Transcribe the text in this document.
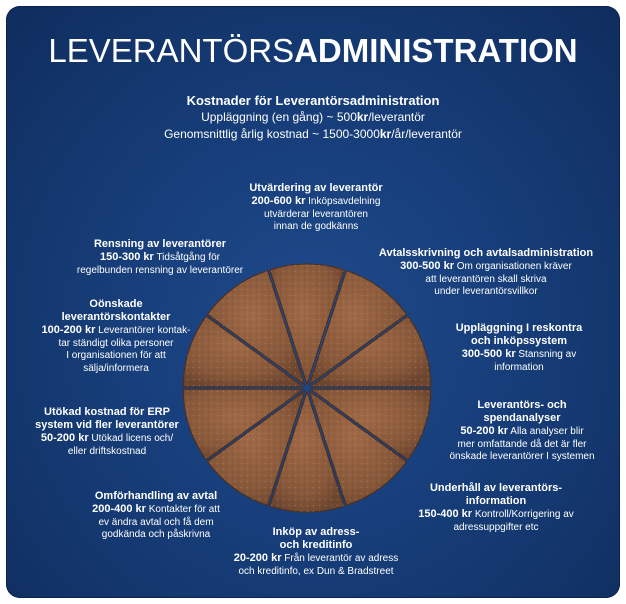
LEVERANTÖRSADMINISTRATION
Kostnader för Leverantörsadministration
Uppläggning (en gång) ~ 500kr/leverantör
Genomsnittlig årlig kostnad ~ 1500-3000kr/år/leverantör
Utvärdering av leverantör
200-600 kr Inköpsavdelning
utvärderar leverantören
innan de godkänns
Avtalsskrivning och avtalsadministration
300-500 kr Om organisationen kräver
att leverantören skall skriva
under leverantörsvillkor
Uppläggning I reskontra
och inköpssystem
300-500 kr Stansning av
information
Leverantörs- och
spendanalyser
50-200 kr Alla analyser blir
mer omfattande då det är fler
önskade leverantörer I systemen
Underhåll av leverantörs-
information
150-400 kr Kontroll/Korrigering av
adressuppgifter etc
Inköp av adress-
och kreditinfo
20-200 kr Från leverantör av adress
och kreditinfo, ex Dun & Bradstreet
Omförhandling av avtal
200-400 kr Kontakter för att
ev ändra avtal och få dem
godkända och påskrivna
Utökad kostnad för ERP
system vid fler leverantörer
50-200 kr Utökad licens och/
eller driftskostnad
Oönskade
leverantörskontakter
100-200 kr Leverantörer kontak-
tar ständigt olika personer
I organisationen för att
sälja/informera
Rensning av leverantörer
150-300 kr Tidsåtgång för
regelbunden rensning av leverantörer
